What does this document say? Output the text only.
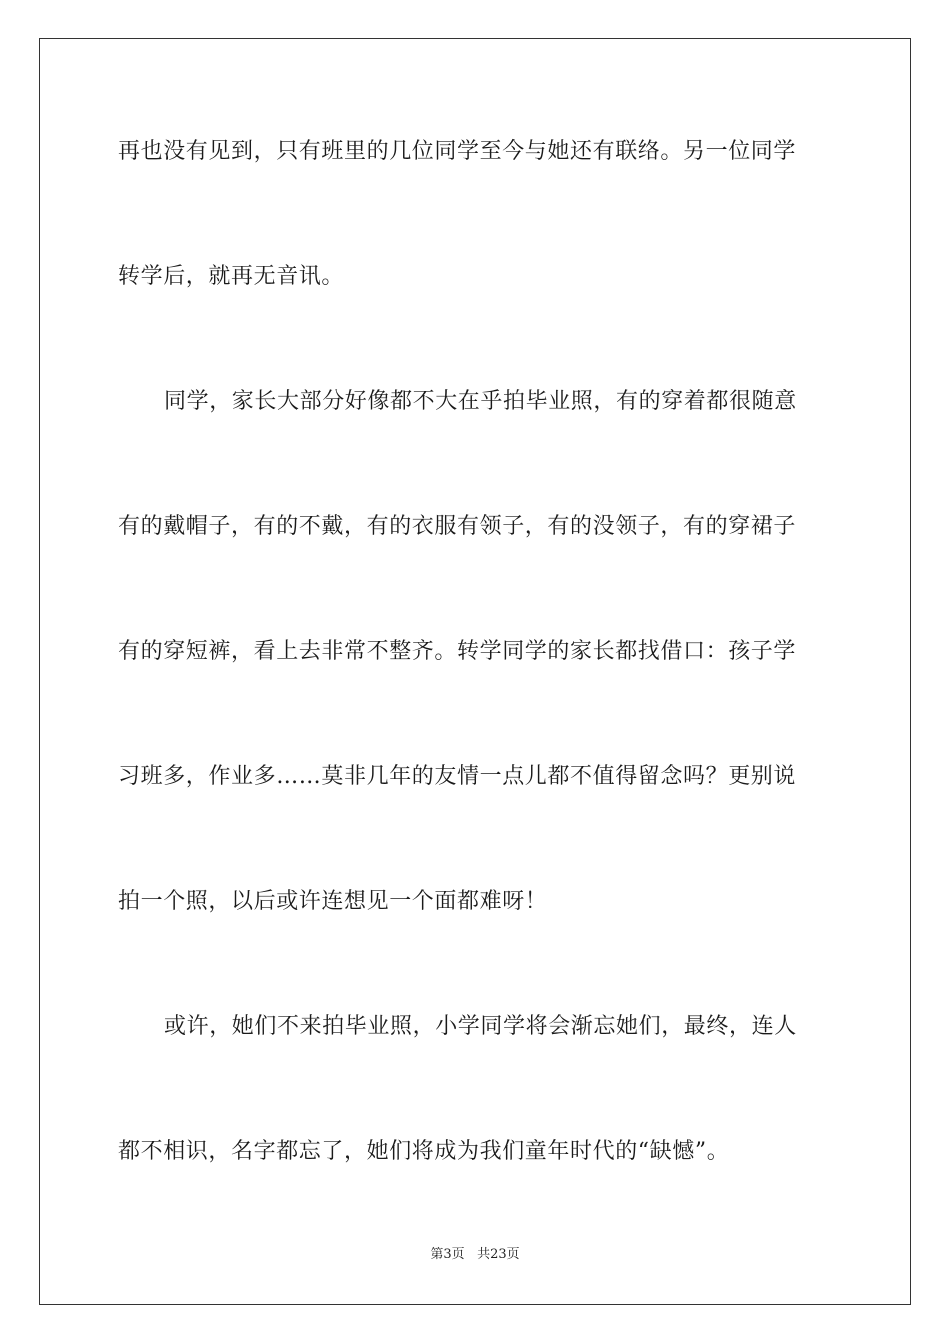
再也没有见到，只有班里的几位同学至今与她还有联络。另一位同学
转学后，就再无音讯。
同学，家长大部分好像都不大在乎拍毕业照，有的穿着都很随意
有的戴帽子，有的不戴，有的衣服有领子，有的没领子，有的穿裙子
有的穿短裤，看上去非常不整齐。转学同学的家长都找借口：孩子学
习班多，作业多……莫非几年的友情一点儿都不值得留念吗？更别说
拍一个照，以后或许连想见一个面都难呀！
或许，她们不来拍毕业照，小学同学将会渐忘她们，最终，连人
都不相识，名字都忘了，她们将成为我们童年时代的“缺憾”。
第3页 共23页
